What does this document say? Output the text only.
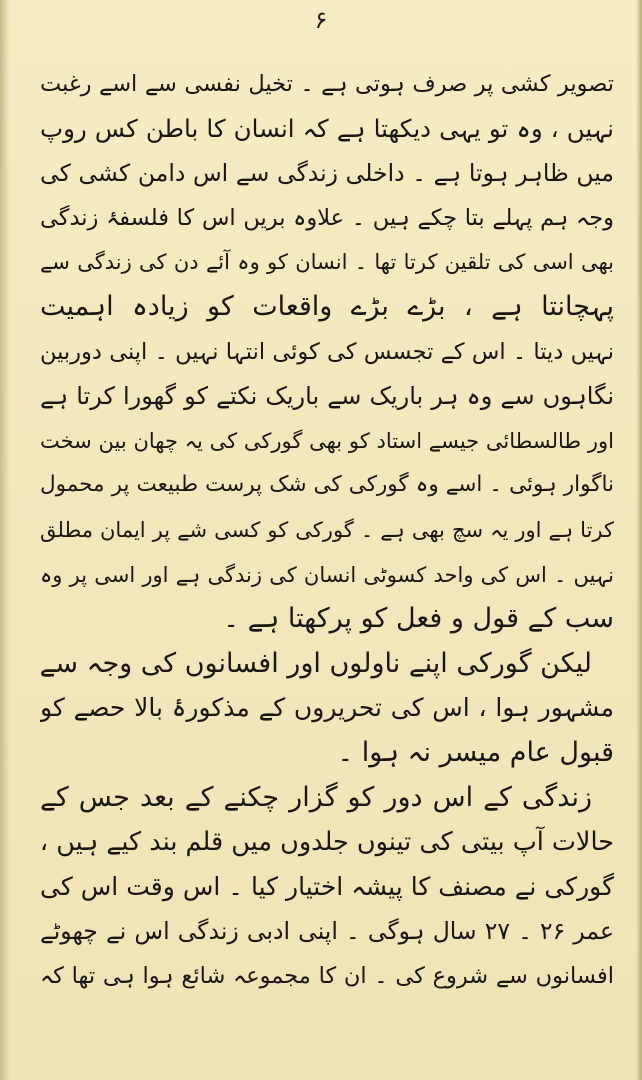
۶
تصویر کشی پر صرف ہوتی ہے ۔ تخیل نفسی سے اسے رغبت
نہیں ، وہ تو یہی دیکھتا ہے کہ انسان کا باطن کس روپ
میں ظاہر ہوتا ہے ۔ داخلی زندگی سے اس دامن کشی کی
وجہ ہم پہلے بتا چکے ہیں ۔ علاوہ بریں اس کا فلسفۂ زندگی
بھی اسی کی تلقین کرتا تھا ۔ انسان کو وہ آئے دن کی زندگی سے
پہچانتا ہے ، بڑے بڑے واقعات کو زیادہ اہمیت
نہیں دیتا ۔ اس کے تجسس کی کوئی انتہا نہیں ۔ اپنی دوربین
نگاہوں سے وہ ہر باریک سے باریک نکتے کو گھورا کرتا ہے
اور طالسطائی جیسے استاد کو بھی گورکی کی یہ چھان بین سخت
ناگوار ہوئی ۔ اسے وہ گورکی کی شک پرست طبیعت پر محمول
کرتا ہے اور یہ سچ بھی ہے ۔ گورکی کو کسی شے پر ایمان مطلق
نہیں ۔ اس کی واحد کسوٹی انسان کی زندگی ہے اور اسی پر وہ
سب کے قول و فعل کو پرکھتا ہے ۔
لیکن گورکی اپنے ناولوں اور افسانوں کی وجہ سے
مشہور ہوا ، اس کی تحریروں کے مذکورۂ بالا حصے کو
قبول عام میسر نہ ہوا ۔
زندگی کے اس دور کو گزار چکنے کے بعد جس کے
حالات آپ بیتی کی تینوں جلدوں میں قلم بند کیے ہیں ،
گورکی نے مصنف کا پیشہ اختیار کیا ۔ اس وقت اس کی
عمر ۲۶ ۔ ۲۷ سال ہوگی ۔ اپنی ادبی زندگی اس نے چھوٹے
افسانوں سے شروع کی ۔ ان کا مجموعہ شائع ہوا ہی تھا کہ
